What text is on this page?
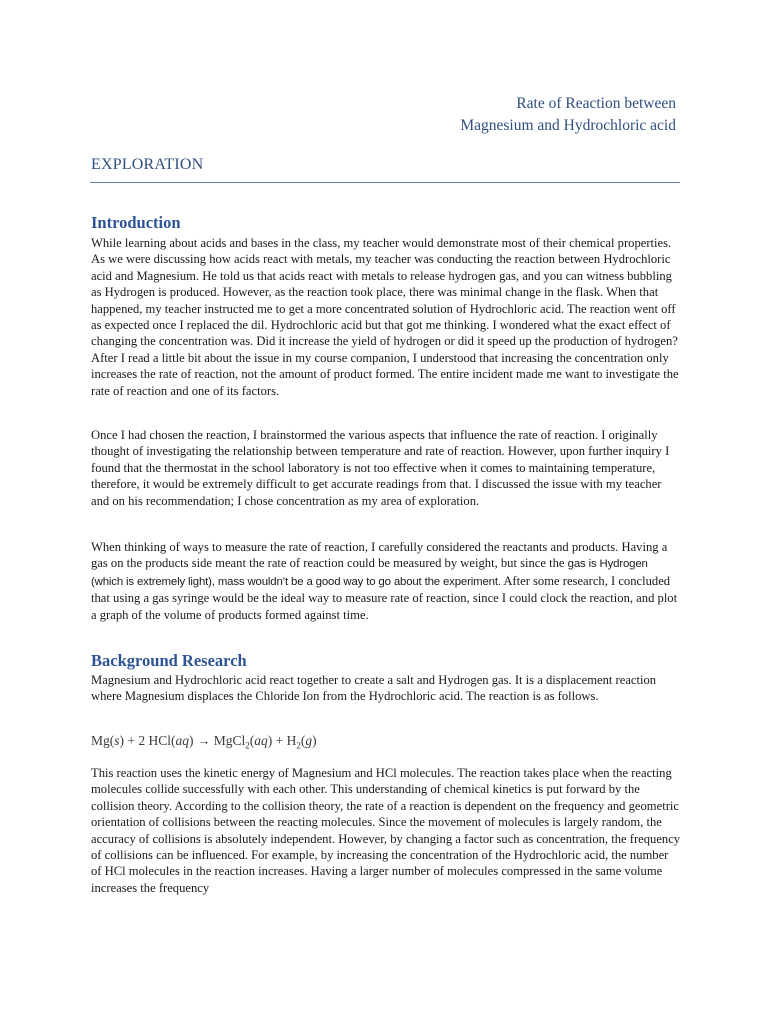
Rate of Reaction between
Magnesium and Hydrochloric acid
EXPLORATION
Introduction

While learning about acids and bases in the class, my teacher would demonstrate most of their chemical properties. As we were discussing how acids react with metals, my teacher was conducting the reaction between Hydrochloric acid and Magnesium. He told us that acids react with metals to release hydrogen gas, and you can witness bubbling as Hydrogen is produced. However, as the reaction took place, there was minimal change in the flask. When that happened, my teacher instructed me to get a more concentrated solution of Hydrochloric acid. The reaction went off as expected once I replaced the dil. Hydrochloric acid but that got me thinking. I wondered what the exact effect of changing the concentration was. Did it increase the yield of hydrogen or did it speed up the production of hydrogen? After I read a little bit about the issue in my course companion, I understood that increasing the concentration only increases the rate of reaction, not the amount of product formed. The entire incident made me want to investigate the rate of reaction and one of its factors.

Once I had chosen the reaction, I brainstormed the various aspects that influence the rate of reaction. I originally thought of investigating the relationship between temperature and rate of reaction. However, upon further inquiry I found that the thermostat in the school laboratory is not too effective when it comes to maintaining temperature, therefore, it would be extremely difficult to get accurate readings from that. I discussed the issue with my teacher and on his recommendation; I chose concentration as my area of exploration.

When thinking of ways to measure the rate of reaction, I carefully considered the reactants and products. Having a gas on the products side meant the rate of reaction could be measured by weight, but since the gas is Hydrogen (which is extremely light), mass wouldn’t be a good way to go about the experiment. After some research, I concluded that using a gas syringe would be the ideal way to measure rate of reaction, since I could clock the reaction, and plot a graph of the volume of products formed against time.

Background Research

Magnesium and Hydrochloric acid react together to create a salt and Hydrogen gas. It is a displacement reaction where Magnesium displaces the Chloride Ion from the Hydrochloric acid. The reaction is as follows.

Mg(s) + 2 HCl(aq) → MgCl$_2$(aq) + $H_2(g)$

This reaction uses the kinetic energy of Magnesium and HCl molecules. The reaction takes place when the reacting molecules collide successfully with each other. This understanding of chemical kinetics is put forward by the collision theory. According to the collision theory, the rate of a reaction is dependent on the frequency and geometric orientation of collisions between the reacting molecules. Since the movement of molecules is largely random, the accuracy of collisions is absolutely independent. However, by changing a factor such as concentration, the frequency of collisions can be influenced. For example, by increasing the concentration of the Hydrochloric acid, the number of HCl molecules in the reaction increases. Having a larger number of molecules compressed in the same volume increases the frequency
